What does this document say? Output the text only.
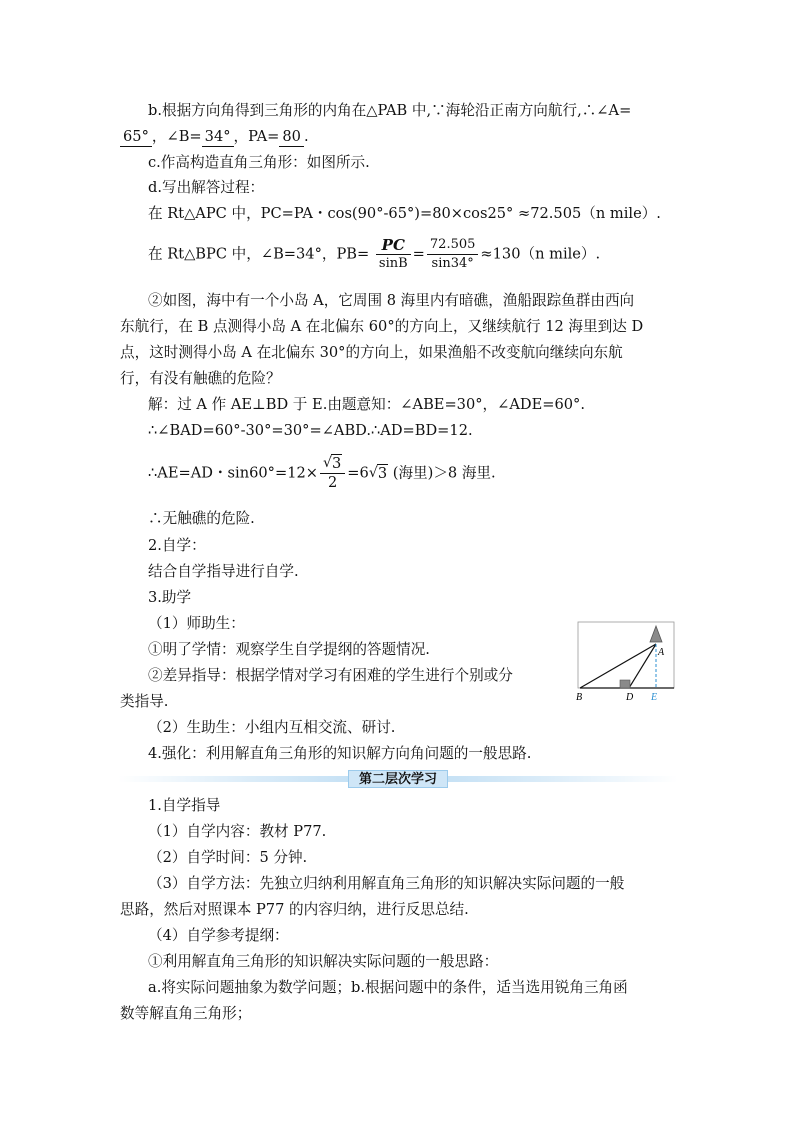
b.根据方向角得到三角形的内角在△PAB 中,∵海轮沿正南方向航行,∴∠A=
65° ，∠B= 34° ，PA= 80 .
c.作高构造直角三角形：如图所示.
d.写出解答过程：
在 Rt△APC 中，PC=PA・cos(90°-65°)=80×cos25° ≈72.505（n mile）.
在 Rt△BPC 中，∠B=34°，$PB= \frac{PC}{\sin B} = \frac{72.505}{\sin 34^\circ} \approx 130(n$ mile）.
②如图，海中有一个小岛 A，它周围 8 海里内有暗礁，渔船跟踪鱼群由西向
东航行，在 B 点测得小岛 A 在北偏东 60°的方向上，又继续航行 12 海里到达 D
点，这时测得小岛 A 在北偏东 30°的方向上，如果渔船不改变航向继续向东航
行，有没有触礁的危险？
解：过 A 作 AE⊥BD 于 E.由题意知：∠ABE=30°，∠ADE=60°.
∴∠BAD=60°-30°=30°=∠ABD.∴AD=BD=12.
∴AE=AD・$\sin 60^\circ=12\times \frac{√ 3}{2} =6$ √ 3 (海里)＞8 海里.
∴无触礁的危险.
2.自学：
结合自学指导进行自学.
3.助学
（1）师助生：
①明了学情：观察学生自学提纲的答题情况.
②差异指导：根据学情对学习有困难的学生进行个别或分
类指导.
（2）生助生：小组内互相交流、研讨.
4.强化：利用解直角三角形的知识解方向角问题的一般思路.
A
B	D E
第二层次学习
1.自学指导
（1）自学内容：教材 P77.
（2）自学时间：5 分钟.
（3）自学方法：先独立归纳利用解直角三角形的知识解决实际问题的一般
思路，然后对照课本 P77 的内容归纳，进行反思总结.
（4）自学参考提纲：
①利用解直角三角形的知识解决实际问题的一般思路：
a.将实际问题抽象为数学问题；b.根据问题中的条件，适当选用锐角三角函
数等解直角三角形；
